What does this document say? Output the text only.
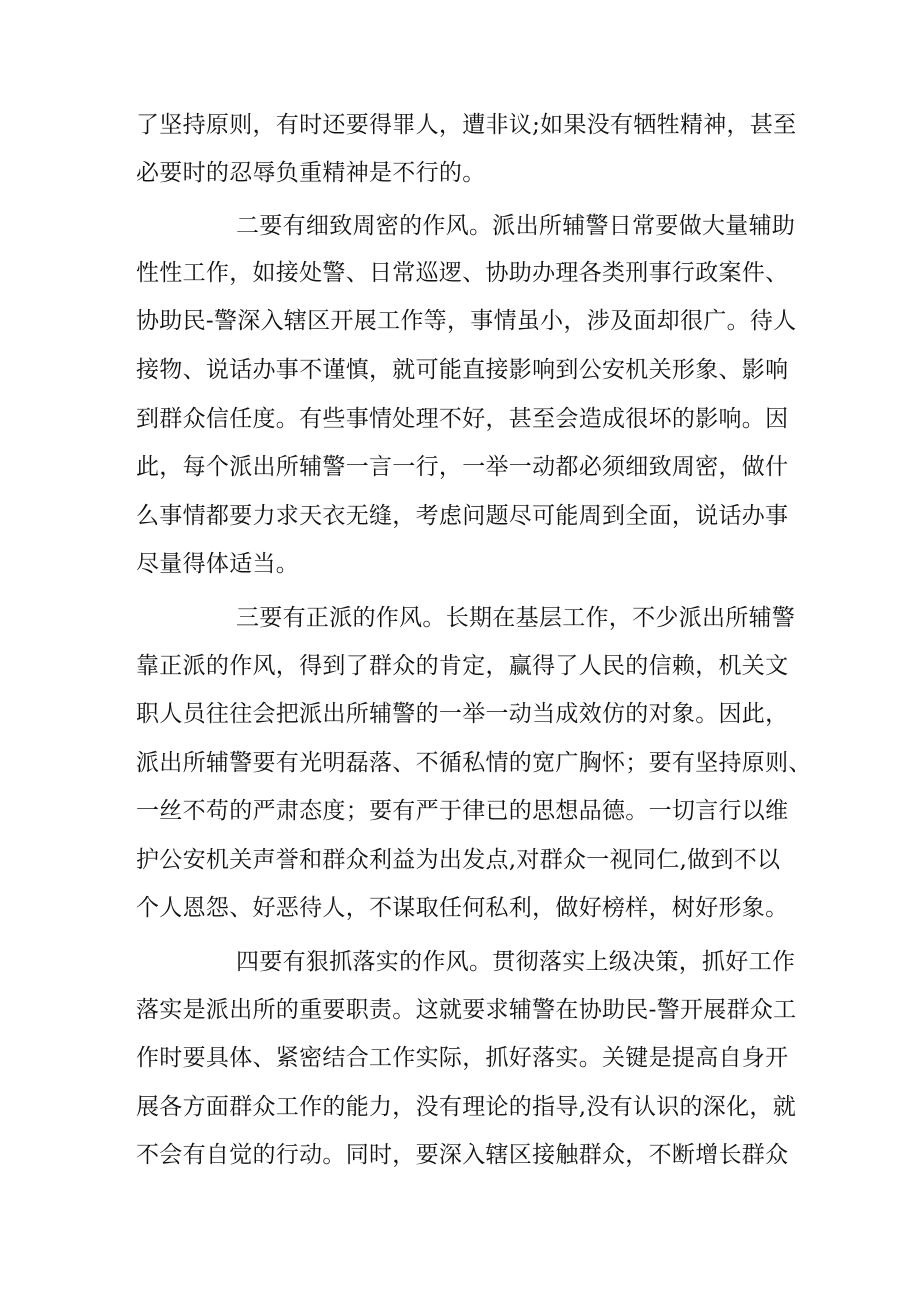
了坚持原则，有时还要得罪人，遭非议;如果没有牺牲精神，甚至

必要时的忍辱负重精神是不行的。

二要有细致周密的作风。派出所辅警日常要做大量辅助

性性工作，如接处警、日常巡逻、协助办理各类刑事行政案件、

协助民-警深入辖区开展工作等，事情虽小，涉及面却很广。待人

接物、说话办事不谨慎，就可能直接影响到公安机关形象、影响

到群众信任度。有些事情处理不好，甚至会造成很坏的影响。因

此，每个派出所辅警一言一行，一举一动都必须细致周密，做什

么事情都要力求天衣无缝，考虑问题尽可能周到全面，说话办事

尽量得体适当。

三要有正派的作风。长期在基层工作，不少派出所辅警

靠正派的作风，得到了群众的肯定，赢得了人民的信赖，机关文

职人员往往会把派出所辅警的一举一动当成效仿的对象。因此，

派出所辅警要有光明磊落、不循私情的宽广胸怀；要有坚持原则、

一丝不苟的严肃态度；要有严于律已的思想品德。一切言行以维

护公安机关声誉和群众利益为出发点,对群众一视同仁,做到不以

个人恩怨、好恶待人，不谋取任何私利，做好榜样，树好形象。

四要有狠抓落实的作风。贯彻落实上级决策，抓好工作

落实是派出所的重要职责。这就要求辅警在协助民-警开展群众工

作时要具体、紧密结合工作实际，抓好落实。关键是提高自身开

展各方面群众工作的能力，没有理论的指导,没有认识的深化，就

不会有自觉的行动。同时，要深入辖区接触群众，不断增长群众
